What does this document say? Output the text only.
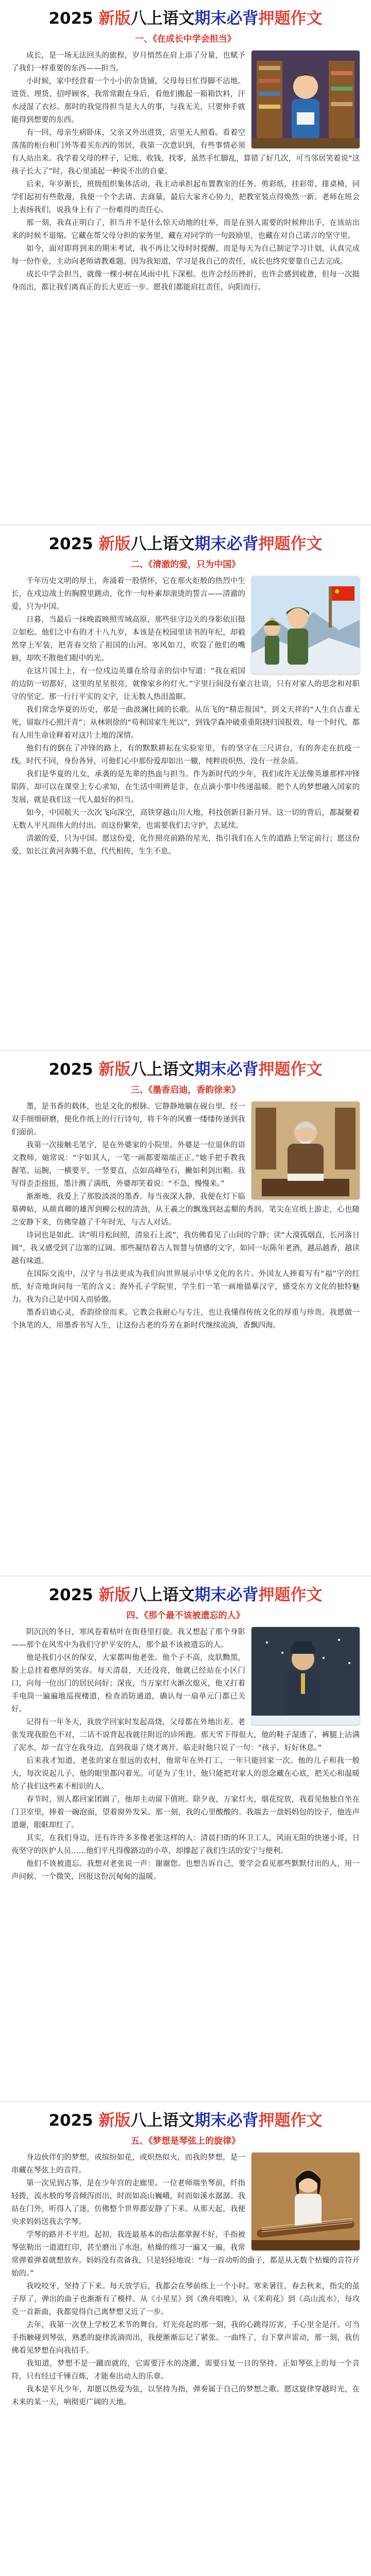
2025 新版八上语文期末必背押题作文
一、《在成长中学会担当》

成长，是一场无法回头的旅程，岁月悄然在肩上添了分量，也赋予了我们一样重要的东西——担当。

小时候，家中经营着一个小小的杂货铺，父母每日忙得脚不沾地。进货、理货、招呼顾客，我常常跟在身后，看他们搬起一箱箱饮料，汗水浸湿了衣衫。那时的我觉得担当是大人的事，与我无关，只要伸手就能得到想要的东西。

有一回，母亲生病卧床，父亲又外出进货，店里无人照看。看着空荡荡的柜台和门外等着买东西的邻居，我第一次意识到，有些事情必须有人站出来。我学着父母的样子，记账、收钱、找零，虽然手忙脚乱，算错了好几次，可当邻居笑着说“这孩子长大了”时，我心里涌起一种说不出的自豪。

后来，年岁渐长，班级组织集体活动，我主动承担起布置教室的任务。剪彩纸、挂彩带、排桌椅，同学们起初有些散漫，我便一个个去请、去商量，最后大家齐心协力，把教室装点得焕然一新。老师在班会上表扬我们，说我身上有了一份难得的责任心。

那一刻，我真正明白了，担当并不是什么惊天动地的壮举，而是在别人需要的时候伸出手，在该站出来的时候不退缩。它藏在帮父母分担的家务里，藏在对同学的一句鼓励里，也藏在对自己诺言的坚守里。

如今，面对即将到来的期末考试，我不再让父母时时提醒，而是每天为自己制定学习计划，认真完成每一份作业，主动向老师请教难题。因为我知道，学习是我自己的责任，成长也终究要靠自己去完成。

成长中学会担当，就像一棵小树在风雨中扎下深根。也许会经历挫折，也许会感到疲惫，但每一次挺身而出，都让我们离真正的长大更近一步。愿我们都能肩扛责任，向阳而行。

2025 新版八上语文期末必背押题作文
二、《清澈的爱，只为中国》

千年历史文明的厚土，奔涌着一股情怀，它在那火炬般的热烈中生长，在戍边战士的胸膛里跳动，化作一句朴素却滚烫的誓言——清澈的爱，只为中国。

日暮，当最后一抹晚霞映照雪域高原，那些驻守边关的身影依旧挺立如松。他们之中有的才十八九岁，本该是在校园里读书的年纪，却毅然穿上军装，把青春交给了祖国的山河。寒风如刀，吹裂了他们的嘴唇，却吹不散他们眼中的光。

在这片国土上，有一位戍边英雄在给母亲的信中写道：“我在祖国的边防一切都好，这里的星星很亮，就像家乡的灯火。”字里行间没有豪言壮语，只有对家人的思念和对职守的坚定。那一行行平实的文字，让无数人热泪盈眶。

我们常念华夏的历史，那是一曲波澜壮阔的长歌。从岳飞的“精忠报国”，到文天祥的“人生自古谁无死，留取丹心照汗青”；从林则徐的“苟利国家生死以”，到钱学森冲破重重阻挠归国报效，每一个时代，都有人用生命诠释着对这片土地的深情。

他们有的倒在了冲锋的路上，有的默默耕耘在实验室里，有的坚守在三尺讲台，有的奔走在抗疫一线。时代不同，身份各异，可他们心中那份爱却如出一辙，纯粹而炽热，没有一丝杂质。

我们是华夏的儿女，承袭的是先辈的热血与担当。作为新时代的少年，我们或许无法像英雄那样冲锋陷阵，却可以在课堂上专心求知，在生活中明辨是非，在点滴小事中传递温暖。把个人的梦想融入国家的发展，就是我们这一代人最好的担当。

如今，中国航天一次次飞向深空，高铁穿越山川大地，科技创新日新月异。这一切的背后，都凝聚着无数人平凡而伟大的付出。而这份繁荣，也需要我们去守护，去延续。

清澈的爱，只为中国。愿这份爱，化作照亮前路的星光，指引我们在人生的道路上坚定前行；愿这份爱，如长江黄河奔腾不息，代代相传，生生不息。

2025 新版八上语文期末必背押题作文
三、《墨香启迪，香韵徐来》

墨，是书香的载体，也是文化的根脉。它静静地躺在砚台里，经一双手细细研磨，便化作纸上的行行诗句，将千年的风雅一缕缕传递到我们面前。

我第一次接触毛笔字，是在外婆家的小院里。外婆是一位退休的语文教师，她常说：“字如其人，一笔一画都要端端正正。”她手把手教我握笔、运腕，一横要平，一竖要直，点如高峰坠石，撇如利剑出鞘。我写得歪歪扭扭，墨汁溅了满纸，外婆却笑着说：“不急，慢慢来。”

渐渐地，我爱上了那股淡淡的墨香。每当夜深人静，我便在灯下临摹碑帖，从颜真卿的雄浑到柳公权的清劲，从王羲之的飘逸到赵孟頫的秀润。笔尖在宣纸上游走，心也随之安静下来，仿佛穿越了千年时光，与古人对话。

诗词也是如此。读“明月松间照，清泉石上流”，我仿佛看见了山间的宁静；读“大漠孤烟直，长河落日圆”，我又感受到了边塞的辽阔。那些凝结着古人智慧与情感的文字，如同一坛陈年老酒，越品越香，越读越有味道。

在国际交流中，汉字与书法更成为我们向世界展示中华文化的名片。外国友人捧着写有“福”字的红纸，好奇地询问每一笔的含义；海外孔子学院里，学生们一笔一画地描摹汉字，感受东方文化的独特魅力。我为自己是中国人而骄傲。

墨香启迪心灵，香韵徐徐而来。它教会我耐心与专注，也让我懂得传统文化的厚重与珍贵。我愿做一个执笔的人，用墨香书写人生，让这份古老的芬芳在新时代继续流淌，香飘四海。

2025 新版八上语文期末必背押题作文
四、《那个最不该被遗忘的人》

阴沉沉的冬日，寒风卷着枯叶在街巷里打旋。我又想起了那个身影——那个在风雪中为我们守护平安的人，那个最不该被遗忘的人。

他是我们小区的保安，大家都叫他老张。他个子不高，皮肤黝黑，脸上总挂着憨厚的笑容。每天清晨，天还没亮，他就已经站在小区门口，向每一位出门的居民问好；深夜，当万家灯火渐次熄灭，他又打着手电筒一遍遍地巡视楼道，检查消防通道，确认每一扇单元门都已关好。

记得有一年冬天，我放学回家时发起高烧，父母都在外地出差。老张发现我脸色不对，二话不说背起我就往附近的诊所跑。那天雪下得很大，他的鞋子湿透了，裤腿上沾满了泥水，却一直守在我身边，直到我退了烧才离开。临走时他只说了一句：“孩子，好好休息。”

后来我才知道，老张的家在很远的农村，他常年在外打工，一年只能回家一次。他的儿子和我一般大，每次说起儿子，他的眼里都闪着光。可是为了生计，他只能把对家人的思念藏在心底，把关心和温暖给了我们这些素不相识的人。

春节时，别人都回家团圆了，他却主动留下值班。除夕夜，万家灯火，烟花绽放，我看见他独自坐在门卫室里，捧着一碗泡面，望着窗外发呆。那一刻，我的心里酸酸的。我端去一盘妈妈包的饺子，他连声道谢，眼眶却红了。

其实，在我们身边，还有许许多多像老张这样的人：清晨扫街的环卫工人，风雨无阻的快递小哥，日夜坚守的医护人员……他们平凡得像路边的小草，却撑起了我们生活的安宁与便利。

他们不该被遗忘。我想对老张说一声：谢谢您。也想告诉自己，要学会看见那些默默付出的人，用一声问候、一个微笑，回报这份沉甸甸的温暖。

2025 新版八上语文期末必背押题作文
五、《梦想是琴弦上的旋律》

身边伙伴们的梦想，或缤纷如花，或炽热似火，而我的梦想，是一串藏在琴弦上的音符。

第一次见到古筝，是在少年宫的走廊里。一位老师端坐琴前，纤指轻拨，流水般的琴音倾泻而出，时而如高山巍峨，时而如溪水潺潺。我站在门外，听得入了迷，仿佛整个世界都安静了下来。从那天起，我便央求妈妈送我去学琴。

学琴的路并不平坦。起初，我连最基本的指法都掌握不好，手指被琴弦勒出一道道红印，甚至磨出了水泡。枯燥的练习一遍又一遍，我常常弹着弹着就想放弃。妈妈没有责备我，只是轻轻地说：“每一首动听的曲子，都是从无数个枯燥的音符开始的。”

我咬咬牙，坚持了下来。每天放学后，我都会在琴前练上一个小时。寒来暑往，春去秋来，指尖的茧子厚了，弹出的曲子也渐渐有了模样。从《小星星》到《渔舟唱晚》，从《茉莉花》到《高山流水》，每攻克一首新曲，我都觉得自己离梦想又近了一步。

去年，我第一次登上学校艺术节的舞台。灯光亮起的那一刻，我的心跳得厉害，手心里全是汗。可当手指触碰到琴弦，熟悉的旋律流淌而出，我便渐渐忘记了紧张。一曲终了，台下掌声雷动，那一刻，我仿佛看见梦想在向我招手。

我知道，梦想不是一蹴而就的，它需要汗水的浇灌，需要日复一日的坚持。正如琴弦上的每一个音符，只有经过千锤百炼，才能奏出动人的乐章。

我本是平凡少年，却愿以热爱为弦，以坚持为指，弹奏属于自己的梦想之歌。愿这旋律穿越时光，在未来的某一天，响彻更广阔的天地。
